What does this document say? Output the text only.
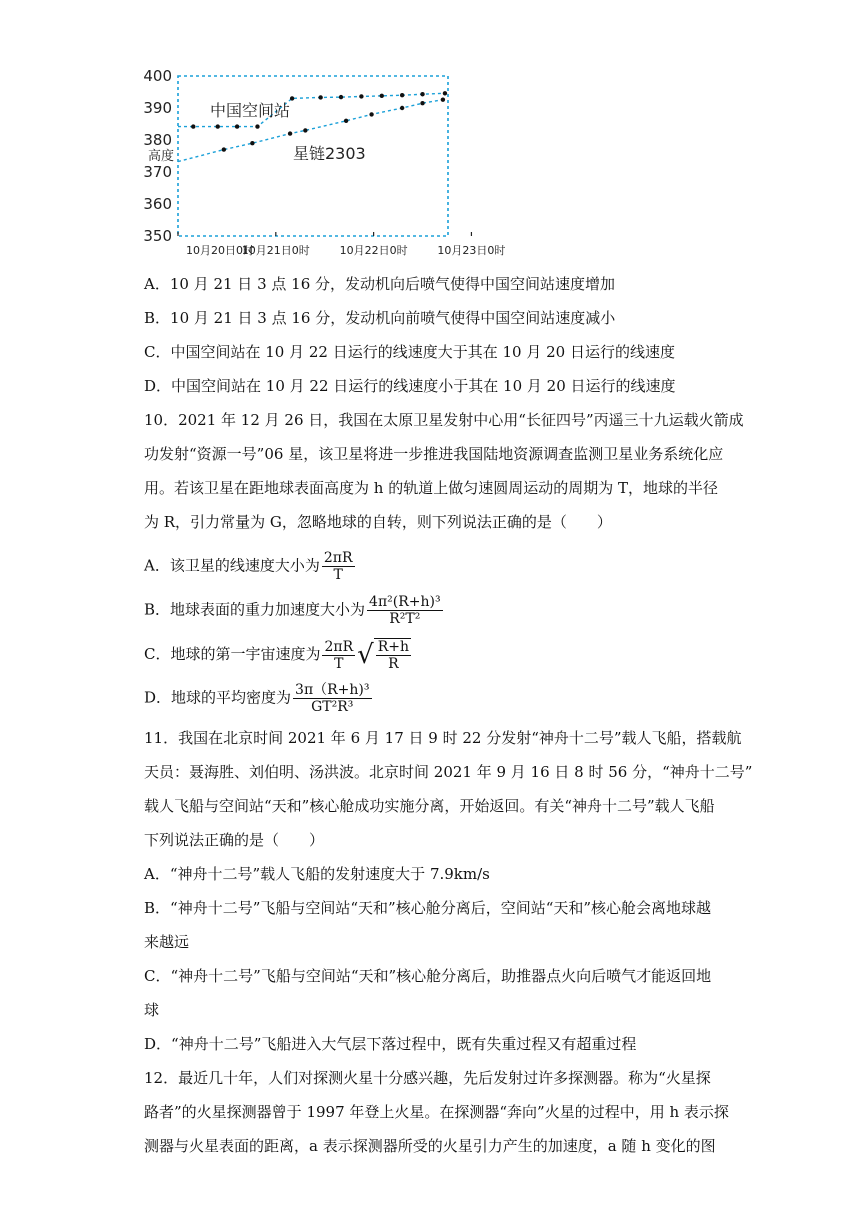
400
390
380
370
360
350
10月20日0时
10月21日0时	10月22日0时	10月23日0时
高度
中国空间站
星链2303
A．10 月 21 日 3 点 16 分，发动机向后喷气使得中国空间站速度增加
B．10 月 21 日 3 点 16 分，发动机向前喷气使得中国空间站速度减小
C．中国空间站在 10 月 22 日运行的线速度大于其在 10 月 20 日运行的线速度
D．中国空间站在 10 月 22 日运行的线速度小于其在 10 月 20 日运行的线速度
10．2021 年 12 月 26 日，我国在太原卫星发射中心用“长征四号”丙遥三十九运载火箭成
功发射“资源一号”06 星，该卫星将进一步推进我国陆地资源调查监测卫星业务系统化应
用。若该卫星在距地球表面高度为 h 的轨道上做匀速圆周运动的周期为 T，地球的半径
为 R，引力常量为 G，忽略地球的自转，则下列说法正确的是（　　）
A．该卫星的线速度大小为 $\frac{2\pi R}{T}$
B．地球表面的重力加速度大小为 $\frac{\text{4π²(R+h)³}}{\text{R²T²}}$
C．地球的第一宇宙速度为 $\frac{2\pi R}{T}$ √ $\frac{R+h}{R}$
D．地球的平均密度为 $\frac{\text{3π（R+h)³}}{\text{GT²R³}}$
11．我国在北京时间 2021 年 6 月 17 日 9 时 22 分发射“神舟十二号”载人飞船，搭载航
天员：聂海胜、刘伯明、汤洪波。北京时间 2021 年 9 月 16 日 8 时 56 分，“神舟十二号”
载人飞船与空间站“天和”核心舱成功实施分离，开始返回。有关“神舟十二号”载人飞船
下列说法正确的是（　　）
A．“神舟十二号”载人飞船的发射速度大于 7.9km/s
B．“神舟十二号”飞船与空间站“天和”核心舱分离后，空间站“天和”核心舱会离地球越
来越远
C．“神舟十二号”飞船与空间站“天和”核心舱分离后，助推器点火向后喷气才能返回地
球
D．“神舟十二号”飞船进入大气层下落过程中，既有失重过程又有超重过程
12．最近几十年，人们对探测火星十分感兴趣，先后发射过许多探测器。称为“火星探
路者”的火星探测器曾于 1997 年登上火星。在探测器“奔向”火星的过程中，用 h 表示探
测器与火星表面的距离，a 表示探测器所受的火星引力产生的加速度，a 随 h 变化的图
